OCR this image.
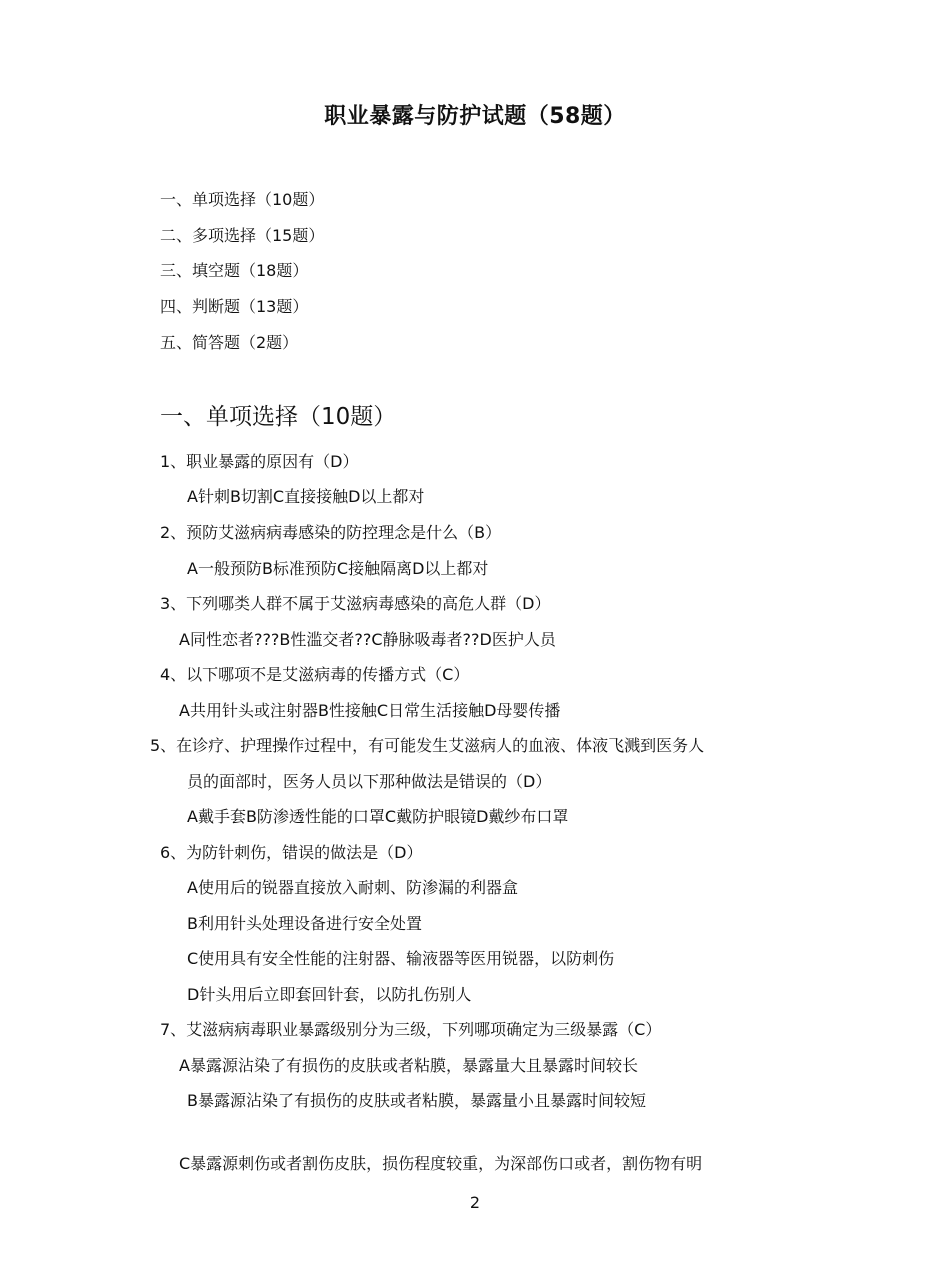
职业暴露与防护试题（58题）
一、单项选择（10题）
二、多项选择（15题）
三、填空题（18题）
四、判断题（13题）
五、简答题（2题）
一、单项选择（10题）
1、职业暴露的原因有（D）
A针刺B切割C直接接触D以上都对
2、预防艾滋病病毒感染的防控理念是什么（B）
A一般预防B标准预防C接触隔离D以上都对
3、下列哪类人群不属于艾滋病毒感染的高危人群（D）
A同性恋者???B性滥交者??C静脉吸毒者??D医护人员
4、以下哪项不是艾滋病毒的传播方式（C）
A共用针头或注射器B性接触C日常生活接触D母婴传播
5、在诊疗、护理操作过程中，有可能发生艾滋病人的血液、体液飞溅到医务人
员的面部时，医务人员以下那种做法是错误的（D）
A戴手套B防渗透性能的口罩C戴防护眼镜D戴纱布口罩
6、为防针刺伤，错误的做法是（D）
A使用后的锐器直接放入耐刺、防渗漏的利器盒
B利用针头处理设备进行安全处置
C使用具有安全性能的注射器、输液器等医用锐器，以防刺伤
D针头用后立即套回针套，以防扎伤别人
7、艾滋病病毒职业暴露级别分为三级，下列哪项确定为三级暴露（C）
A暴露源沾染了有损伤的皮肤或者粘膜，暴露量大且暴露时间较长
B暴露源沾染了有损伤的皮肤或者粘膜，暴露量小且暴露时间较短
C暴露源刺伤或者割伤皮肤，损伤程度较重，为深部伤口或者，割伤物有明
2
